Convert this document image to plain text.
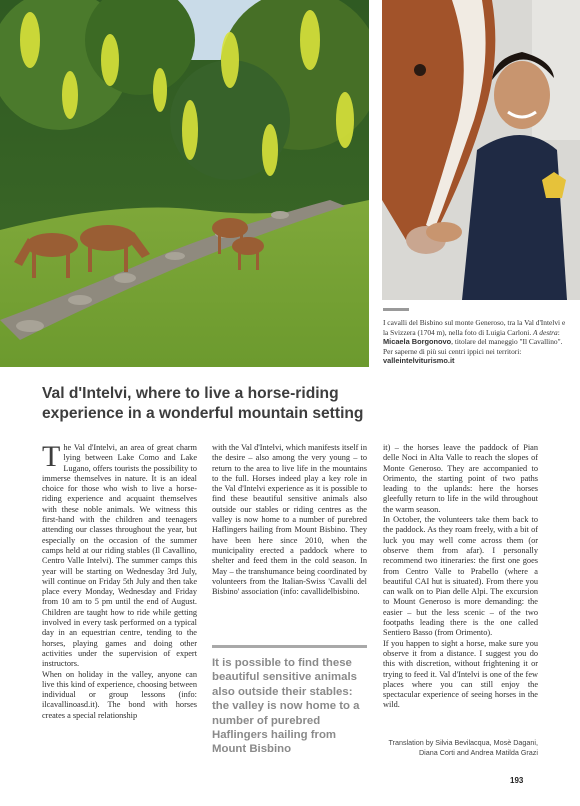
I cavalli del Bisbino sul monte Generoso, tra la Val d'Intelvi e la Svizzera (1704 m), nella foto di Luigia Carloni. A destra: Micaela Borgonovo, titolare del maneggio "Il Cavallino". Per saperne di più sui centri ippici nei territori: valleintelviturismo.it
Val d'Intelvi, where to live a horse-riding experience in a wonderful mountain setting

The Val d'Intelvi, an area of great charm lying between Lake Como and Lake Lugano, offers tourists the possibility to immerse themselves in nature. It is an ideal choice for those who wish to live a horse-riding experience and acquaint themselves with these noble animals. We witness this first-hand with the children and teenagers attending our classes throughout the year, but especially on the occasion of the summer camps held at our riding stables (Il Cavallino, Centro Valle Intelvi). The summer camps this year will be starting on Wednesday 3rd July, will continue on Friday 5th July and then take place every Monday, Wednesday and Friday from 10 am to 5 pm until the end of August. Children are taught how to ride while getting involved in every task performed on a typical day in an equestrian centre, tending to the horses, playing games and doing other activities under the supervision of expert instructors.

When on holiday in the valley, anyone can live this kind of experience, choosing between individual or group lessons (info: ilcavallinoasd.it). The bond with horses creates a special relationship

with the Val d'Intelvi, which manifests itself in the desire – also among the very young – to return to the area to live life in the mountains to the full. Horses indeed play a key role in the Val d'Intelvi experience as it is possible to find these beautiful sensitive animals also outside our stables or riding centres as the valley is now home to a number of purebred Haflingers hailing from Mount Bisbino. They have been here since 2010, when the municipality erected a paddock where to shelter and feed them in the cold season. In May – the transhumance being coordinated by volunteers from the Italian-Swiss 'Cavalli del Bisbino' association (info: cavallidelbisbino.

It is possible to find these beautiful sensitive animals also outside their stables: the valley is now home to a number of purebred Haflingers hailing from Mount Bisbino

it) – the horses leave the paddock of Pian delle Noci in Alta Valle to reach the slopes of Monte Generoso. They are accompanied to Orimento, the starting point of two paths leading to the uplands: here the horses gleefully return to life in the wild throughout the warm season.

In October, the volunteers take them back to the paddock. As they roam freely, with a bit of luck you may well come across them (or observe them from afar). I personally recommend two itineraries: the first one goes from Centro Valle to Prabello (where a beautiful CAI hut is situated). From there you can walk on to Pian delle Alpi. The excursion to Mount Generoso is more demanding: the easier – but the less scenic – of the two footpaths leading there is the one called Sentiero Basso (from Orimento).

If you happen to sight a horse, make sure you observe it from a distance. I suggest you do this with discretion, without frightening it or trying to feed it. Val d'Intelvi is one of the few places where you can still enjoy the spectacular experience of seeing horses in the wild.

Translation by Silvia Bevilacqua, Mosè Dagani,
Diana Corti and Andrea Matilda Grazi
193
